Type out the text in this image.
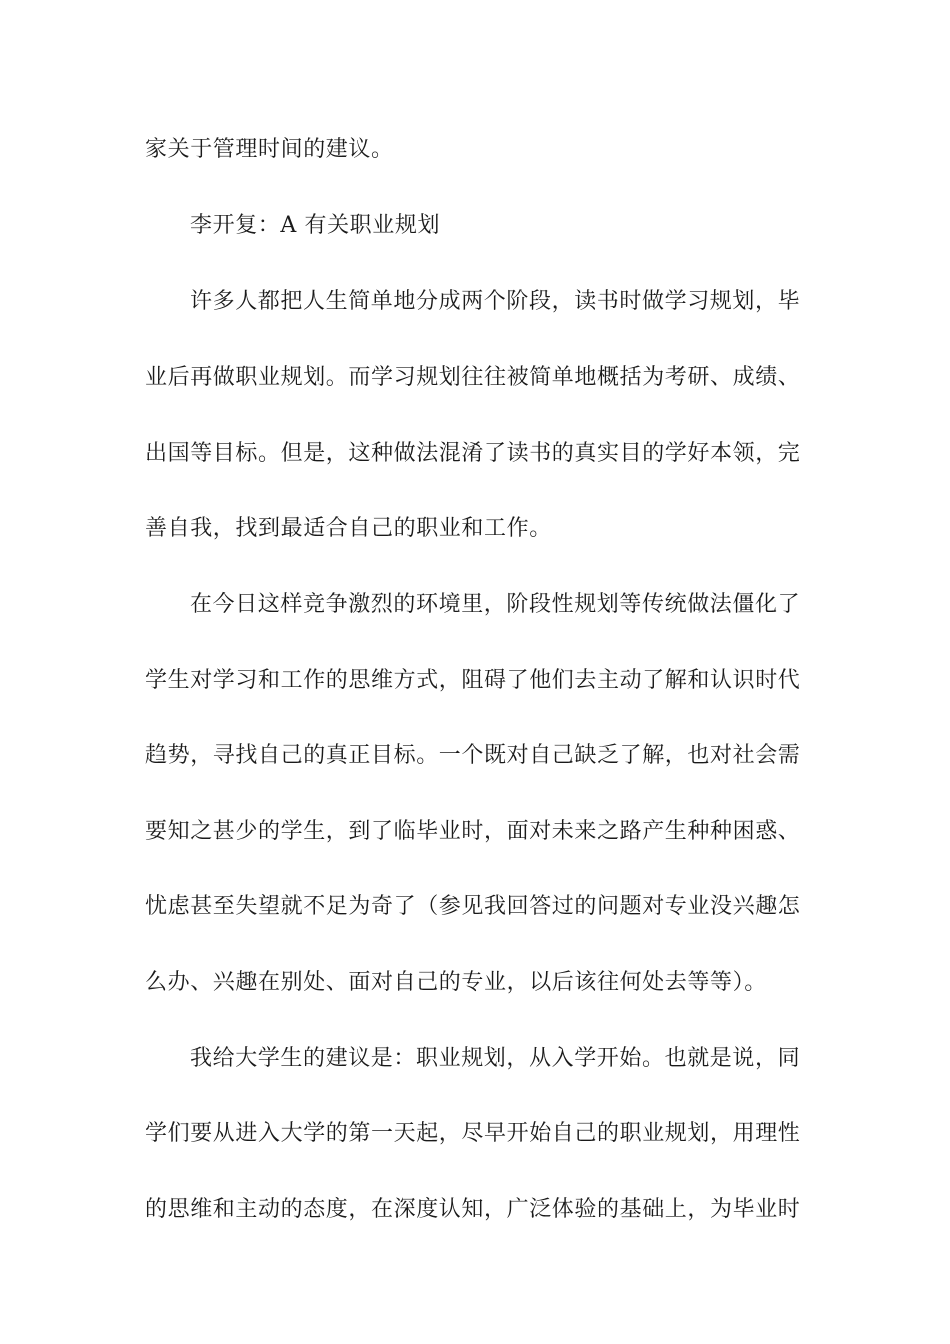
家关于管理时间的建议。
李开复：A 有关职业规划
许多人都把人生简单地分成两个阶段，读书时做学习规划，毕
业后再做职业规划。而学习规划往往被简单地概括为考研、成绩、
出国等目标。但是，这种做法混淆了读书的真实目的学好本领，完
善自我，找到最适合自己的职业和工作。
在今日这样竞争激烈的环境里，阶段性规划等传统做法僵化了
学生对学习和工作的思维方式，阻碍了他们去主动了解和认识时代
趋势，寻找自己的真正目标。一个既对自己缺乏了解，也对社会需
要知之甚少的学生，到了临毕业时，面对未来之路产生种种困惑、
忧虑甚至失望就不足为奇了（参见我回答过的问题对专业没兴趣怎
么办、兴趣在别处、面对自己的专业，以后该往何处去等等）。
我给大学生的建议是：职业规划，从入学开始。也就是说，同
学们要从进入大学的第一天起，尽早开始自己的职业规划，用理性
的思维和主动的态度，在深度认知，广泛体验的基础上，为毕业时
